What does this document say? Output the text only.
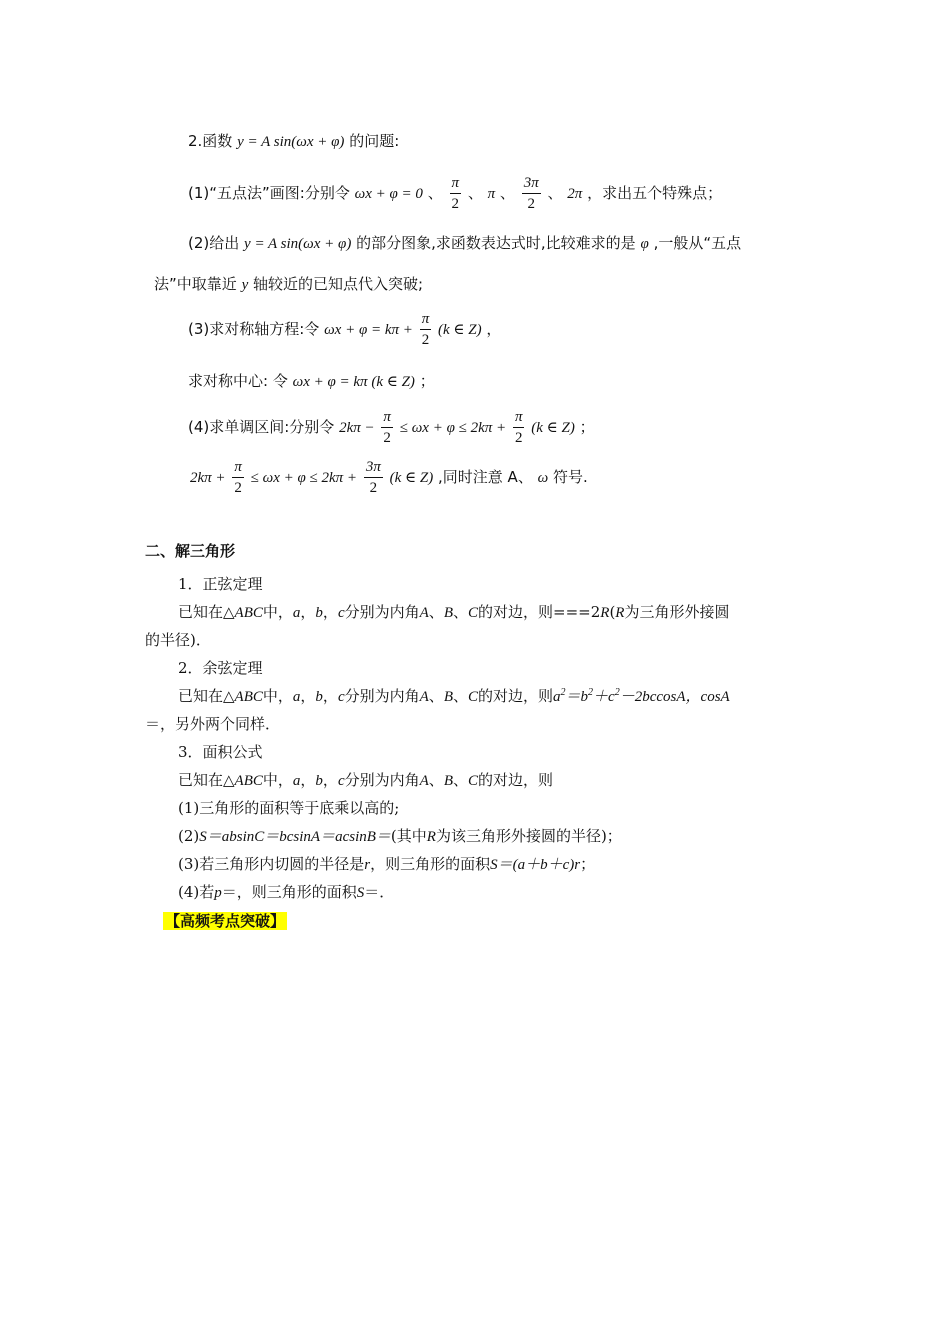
2.函数 y = A sin(ωx + φ) 的问题:
(1)“五点法”画图:分别令 ωx + φ = 0 、 $\frac{\pi}{2}$ 、 π 、 $\frac{3\pi}{2}$ 、 2π ，求出五个特殊点；
(2)给出 y = A sin(ωx + φ) 的部分图象,求函数表达式时,比较难求的是 φ ,一般从“五点
法”中取靠近 y 轴较近的已知点代入突破;
(3)求对称轴方程:令 $\omega x + \varphi = k\pi + \frac{\pi}{2} (k$ ∈ Z) ，
求对称中心: 令 ωx + φ = kπ (k ∈ Z) ；
(4)求单调区间:分别令 $2k\pi - \frac{\pi}{2} \le \omega x + \varphi \le 2k\pi + \frac{\pi}{2} (k$ ∈ Z) ；
$2k\pi + \frac{\pi}{2} \le \omega x + \varphi \le 2k\pi + \frac{3\pi}{2} (k$ ∈ Z) ,同时注意 A、 ω 符号.
二、解三角形
1．正弦定理
已知在△ABC中，a，b，c分别为内角A、B、C的对边，则===2R(R为三角形外接圆
的半径)．
2．余弦定理
已知在△ABC中，a，b，c分别为内角A、B、C的对边，则$a^2=b^2+c^2-2bccosA$，cosA
＝，另外两个同样．
3．面积公式
已知在△ABC中，a，b，c分别为内角A、B、C的对边，则
(1)三角形的面积等于底乘以高的;
(2)S＝absinC＝bcsinA＝acsinB＝(其中R为该三角形外接圆的半径)；
(3)若三角形内切圆的半径是r，则三角形的面积S＝(a＋b＋c)r；
(4)若p＝，则三角形的面积S＝．
【高频考点突破】
